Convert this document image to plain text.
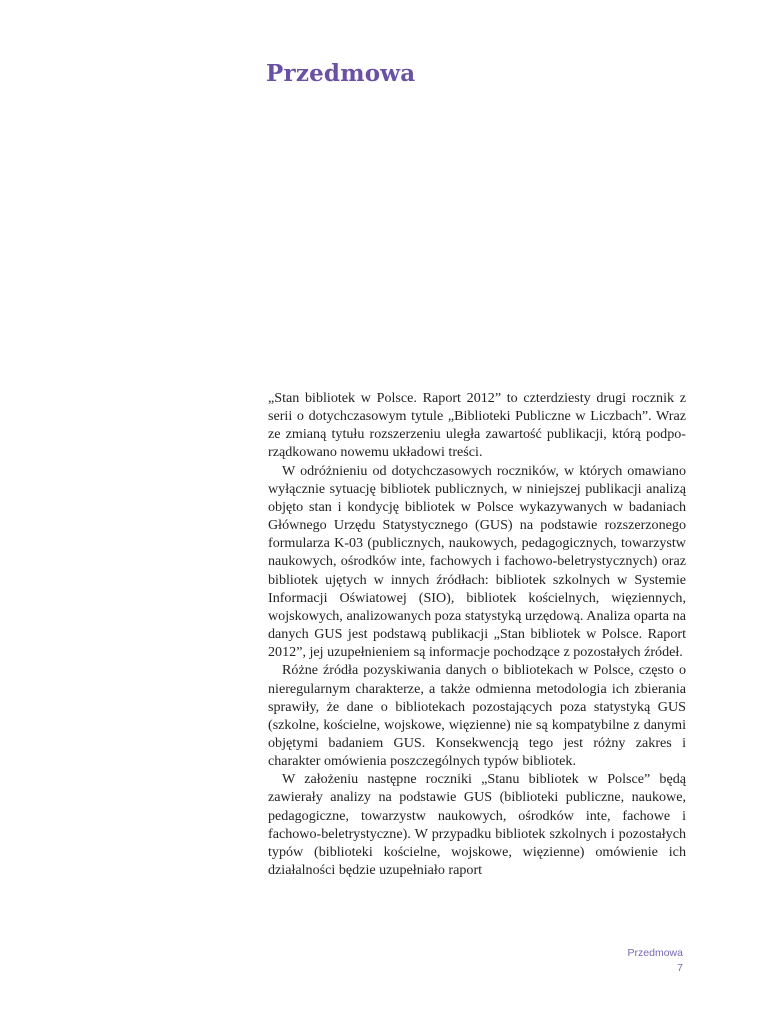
Przedmowa

„Stan bibliotek w Polsce. Raport 2012” to czterdziesty drugi rocznik z serii o dotychczasowym tytule „Biblioteki Publiczne w Liczbach”. Wraz ze zmianą tytułu rozszerzeniu uległa zawartość publikacji, którą podporządkowano nowemu układowi treści.

W odróżnieniu od dotychczasowych roczników, w których omawiano wyłącznie sytuację bibliotek publicznych, w niniejszej publikacji analizą objęto stan i kondycję bibliotek w Polsce wykazywanych w badaniach Głównego Urzędu Statystycznego (GUS) na podstawie rozszerzonego formularza K-03 (publicznych, naukowych, pedagogicznych, towarzystw naukowych, ośrodków inte, fachowych i fachowo-beletrystycznych) oraz bibliotek ujętych w innych źródłach: bibliotek szkolnych w Systemie Informacji Oświatowej (SIO), bibliotek kościelnych, więziennych, wojskowych, analizowanych poza statystyką urzędową. Analiza oparta na danych GUS jest podstawą publikacji „Stan bibliotek w Polsce. Raport 2012”, jej uzupełnieniem są informacje pochodzące z pozostałych źródeł.

Różne źródła pozyskiwania danych o bibliotekach w Polsce, często o nieregularnym charakterze, a także odmienna metodologia ich zbierania sprawiły, że dane o bibliotekach pozostających poza statystyką GUS (szkolne, kościelne, wojskowe, więzienne) nie są kompatybilne z danymi objętymi badaniem GUS. Konsekwencją tego jest różny zakres i charakter omówienia poszczególnych typów bibliotek.

W założeniu następne roczniki „Stanu bibliotek w Polsce” będą zawierały analizy na podstawie GUS (biblioteki publiczne, naukowe, pedagogiczne, towarzystw naukowych, ośrodków inte, fachowe i fachowo-beletrystyczne). W przypadku bibliotek szkolnych i pozostałych typów (biblioteki kościelne, wojskowe, więzienne) omówienie ich działalności będzie uzupełniało raport

Przedmowa
7
